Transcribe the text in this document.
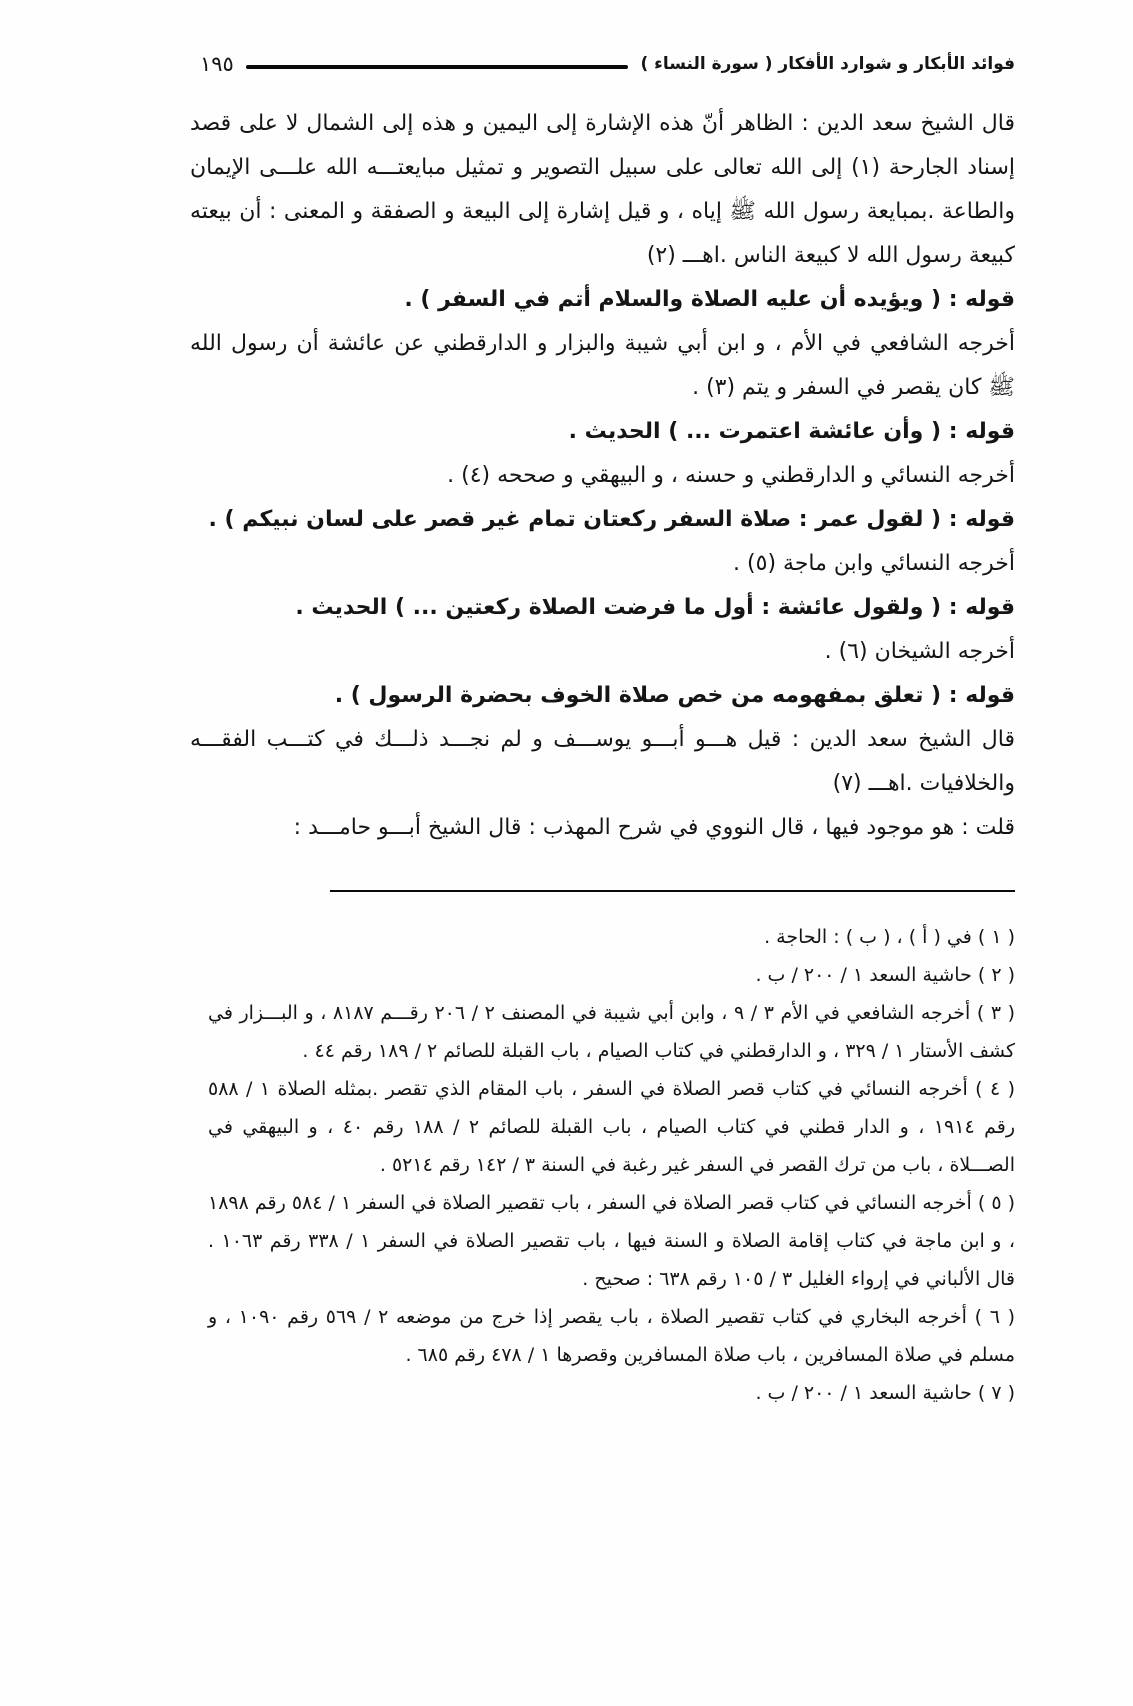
فوائد الأبكار و شوارد الأفكار ( سورة النساء )
١٩٥

قال الشيخ سعد الدين : الظاهر أنّ هذه الإشارة إلى اليمين و هذه إلى الشمال لا على قصد إسناد الجارحة (١) إلى الله تعالى على سبيل التصوير و تمثيل مبايعتـــه الله علـــى الإيمان والطاعة .بمبايعة رسول الله ﷺ إياه ، و قيل إشارة إلى البيعة و الصفقة و المعنى : أن بيعته كبيعة رسول الله لا كبيعة الناس .اهـــ (٢)

قوله : ( ويؤيده أن عليه الصلاة والسلام أتم في السفر ) .

أخرجه الشافعي في الأم ، و ابن أبي شيبة والبزار و الدارقطني عن عائشة أن رسول الله ﷺ كان يقصر في السفر و يتم (٣) .

قوله : ( وأن عائشة اعتمرت ... ) الحديث .

أخرجه النسائي و الدارقطني و حسنه ، و البيهقي و صححه (٤) .

قوله : ( لقول عمر : صلاة السفر ركعتان تمام غير قصر على لسان نبيكم ) .

أخرجه النسائي وابن ماجة (٥) .

قوله : ( ولقول عائشة : أول ما فرضت الصلاة ركعتين ... ) الحديث .

أخرجه الشيخان (٦) .

قوله : ( تعلق بمفهومه من خص صلاة الخوف بحضرة الرسول ) .

قال الشيخ سعد الدين : قيل هـــو أبـــو يوســـف و لم نجـــد ذلـــك في كتـــب الفقـــه والخلافيات .اهـــ (٧)

قلت : هو موجود فيها ، قال النووي في شرح المهذب : قال الشيخ أبـــو حامـــد :

( ١ ) في ( أ ) ، ( ب ) : الحاجة .

( ٢ ) حاشية السعد ١ / ٢٠٠ / ب .

( ٣ ) أخرجه الشافعي في الأم ٣ / ٩ ، وابن أبي شيبة في المصنف ٢ / ٢٠٦ رقـــم ٨١٨٧ ، و البـــزار في كشف الأستار ١ / ٣٢٩ ، و الدارقطني في كتاب الصيام ، باب القبلة للصائم ٢ / ١٨٩ رقم ٤٤ .

( ٤ ) أخرجه النسائي في كتاب قصر الصلاة في السفر ، باب المقام الذي تقصر .بمثله الصلاة ١ / ٥٨٨ رقم ١٩١٤ ، و الدار قطني في كتاب الصيام ، باب القبلة للصائم ٢ / ١٨٨ رقم ٤٠ ، و البيهقي في الصـــلاة ، باب من ترك القصر في السفر غير رغبة في السنة ٣ / ١٤٢ رقم ٥٢١٤ .

( ٥ ) أخرجه النسائي في كتاب قصر الصلاة في السفر ، باب تقصير الصلاة في السفر ١ / ٥٨٤ رقم ١٨٩٨ ، و ابن ماجة في كتاب إقامة الصلاة و السنة فيها ، باب تقصير الصلاة في السفر ١ / ٣٣٨ رقم ١٠٦٣ . قال الألباني في إرواء الغليل ٣ / ١٠٥ رقم ٦٣٨ : صحيح .

( ٦ ) أخرجه البخاري في كتاب تقصير الصلاة ، باب يقصر إذا خرج من موضعه ٢ / ٥٦٩ رقم ١٠٩٠ ، و مسلم في صلاة المسافرين ، باب صلاة المسافرين وقصرها ١ / ٤٧٨ رقم ٦٨٥ .

( ٧ ) حاشية السعد ١ / ٢٠٠ / ب .
